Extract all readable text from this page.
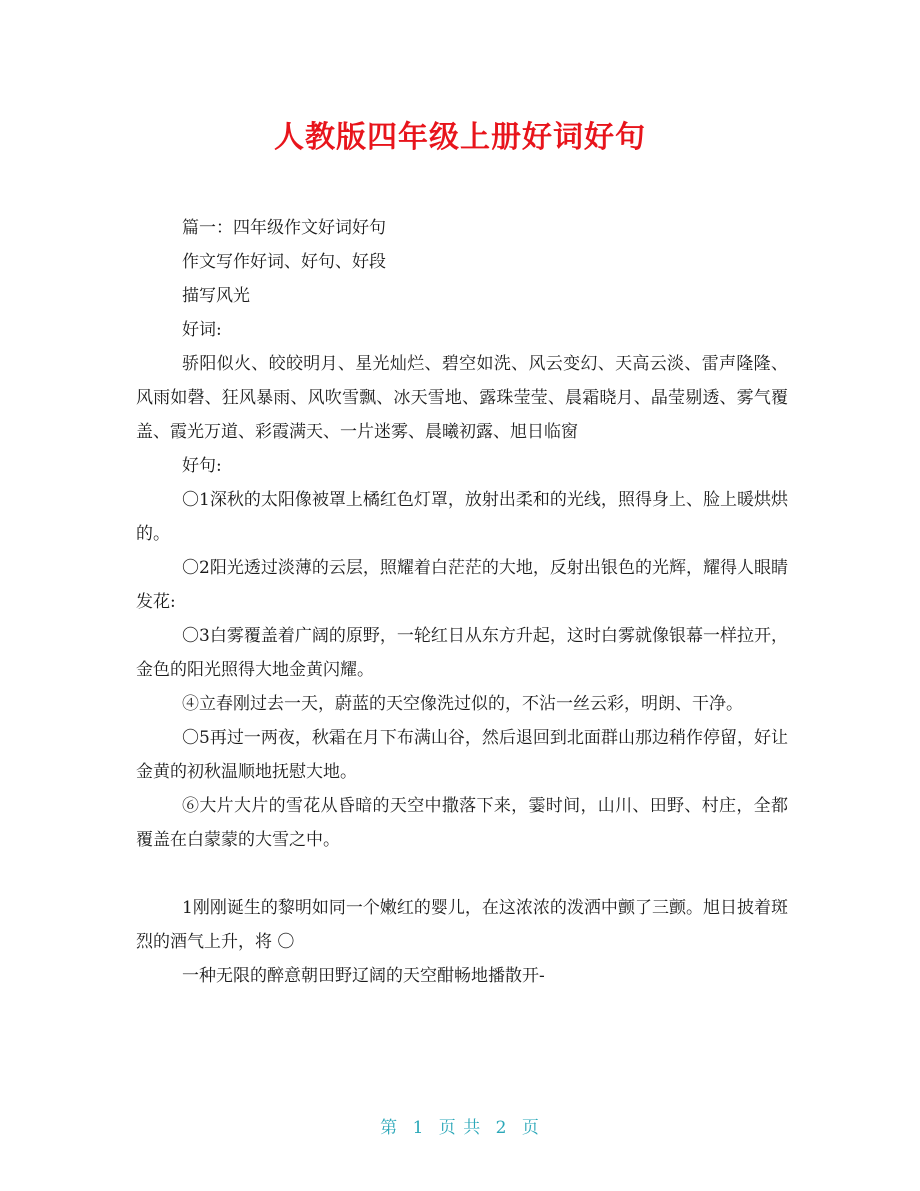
人教版四年级上册好词好句

篇一：四年级作文好词好句

作文写作好词、好句、好段

描写风光

好词:

骄阳似火、皎皎明月、星光灿烂、碧空如洗、风云变幻、天高云淡、雷声隆隆、风雨如磬、狂风暴雨、风吹雪飘、冰天雪地、露珠莹莹、晨霜晓月、晶莹剔透、雾气覆盖、霞光万道、彩霞满天、一片迷雾、晨曦初露、旭日临窗

好句:

〇1深秋的太阳像被罩上橘红色灯罩，放射出柔和的光线，照得身上、脸上暖烘烘的。

〇2阳光透过淡薄的云层，照耀着白茫茫的大地，反射出银色的光辉，耀得人眼睛发花:

〇3白雾覆盖着广阔的原野，一轮红日从东方升起，这时白雾就像银幕一样拉开，金色的阳光照得大地金黄闪耀。

④立春刚过去一天，蔚蓝的天空像洗过似的，不沾一丝云彩，明朗、干净。

〇5再过一两夜，秋霜在月下布满山谷，然后退回到北面群山那边稍作停留，好让金黄的初秋温顺地抚慰大地。

⑥大片大片的雪花从昏暗的天空中撒落下来，霎时间，山川、田野、村庄，全都覆盖在白蒙蒙的大雪之中。

1刚刚诞生的黎明如同一个嫩红的婴儿，在这浓浓的泼洒中颤了三颤。旭日披着斑烈的酒气上升，将 〇

一种无限的醉意朝田野辽阔的天空酣畅地播散开-

第 1 页 共 2 页
